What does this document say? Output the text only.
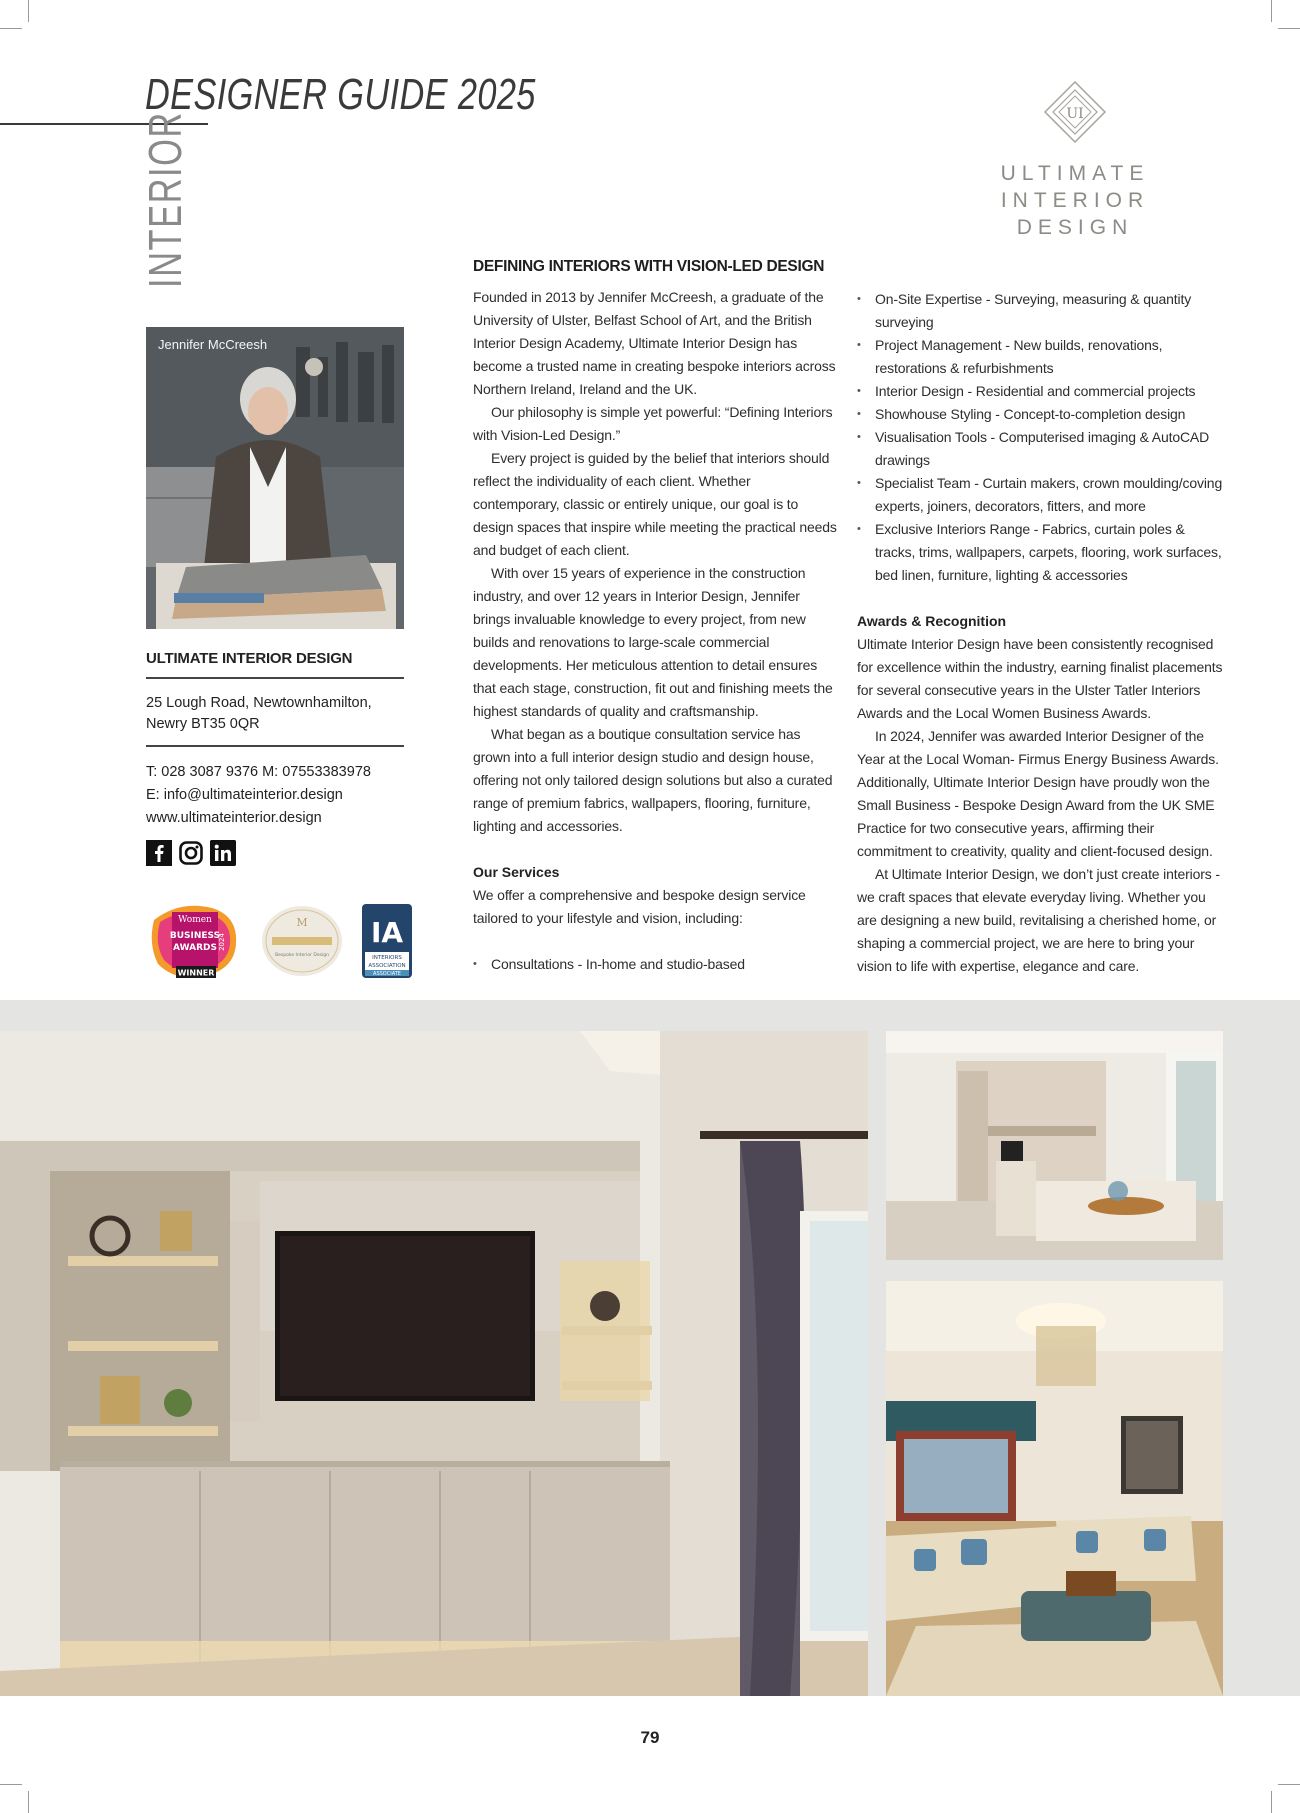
DESIGNER GUIDE 2025
INTERIOR	UI
ULTIMATE
INTERIOR
DESIGN
Jennifer McCreesh

ULTIMATE INTERIOR DESIGN

25 Lough Road, Newtownhamilton,
Newry BT35 0QR

T: 028 3087 9376 M: 07553383978
E: info@ultimateinterior.design
www.ultimateinterior.design

Women
BUSINESS
AWARDS 2024
WINNER
M
Bespoke Interior Design
IA
INTERIORS
ASSOCIATION
ASSOCIATE
DEFINING INTERIORS WITH VISION-LED DESIGN

Founded in 2013 by Jennifer McCreesh, a graduate of the University of Ulster, Belfast School of Art, and the British Interior Design Academy, Ultimate Interior Design has become a trusted name in creating bespoke interiors across Northern Ireland, Ireland and the UK.

Our philosophy is simple yet powerful: “Defining Interiors with Vision-Led Design.”

Every project is guided by the belief that interiors should reflect the individuality of each client. Whether contemporary, classic or entirely unique, our goal is to design spaces that inspire while meeting the practical needs and budget of each client.

With over 15 years of experience in the construction industry, and over 12 years in Interior Design, Jennifer brings invaluable knowledge to every project, from new builds and renovations to large-scale commercial developments. Her meticulous attention to detail ensures that each stage, construction, fit out and finishing meets the highest standards of quality and craftsmanship.

What began as a boutique consultation service has grown into a full interior design studio and design house, offering not only tailored design solutions but also a curated range of premium fabrics, wallpapers, flooring, furniture, lighting and accessories.

Our Services

We offer a comprehensive and bespoke design service tailored to your lifestyle and vision, including:

• Consultations - In-home and studio-based
• On-Site Expertise - Surveying, measuring & quantity surveying
• Project Management - New builds, renovations, restorations & refurbishments
• Interior Design - Residential and commercial projects
• Showhouse Styling - Concept-to-completion design
• Visualisation Tools - Computerised imaging & AutoCAD drawings
• Specialist Team - Curtain makers, crown moulding/coving experts, joiners, decorators, fitters, and more
• Exclusive Interiors Range - Fabrics, curtain poles & tracks, trims, wallpapers, carpets, flooring, work surfaces, bed linen, furniture, lighting & accessories

Awards & Recognition

Ultimate Interior Design have been consistently recognised for excellence within the industry, earning finalist placements for several consecutive years in the Ulster Tatler Interiors Awards and the Local Women Business Awards.

In 2024, Jennifer was awarded Interior Designer of the Year at the Local Woman- Firmus Energy Business Awards. Additionally, Ultimate Interior Design have proudly won the Small Business - Bespoke Design Award from the UK SME Practice for two consecutive years, affirming their commitment to creativity, quality and client-focused design.

At Ultimate Interior Design, we don’t just create interiors - we craft spaces that elevate everyday living. Whether you are designing a new build, revitalising a cherished home, or shaping a commercial project, we are here to bring your vision to life with expertise, elegance and care.

79
